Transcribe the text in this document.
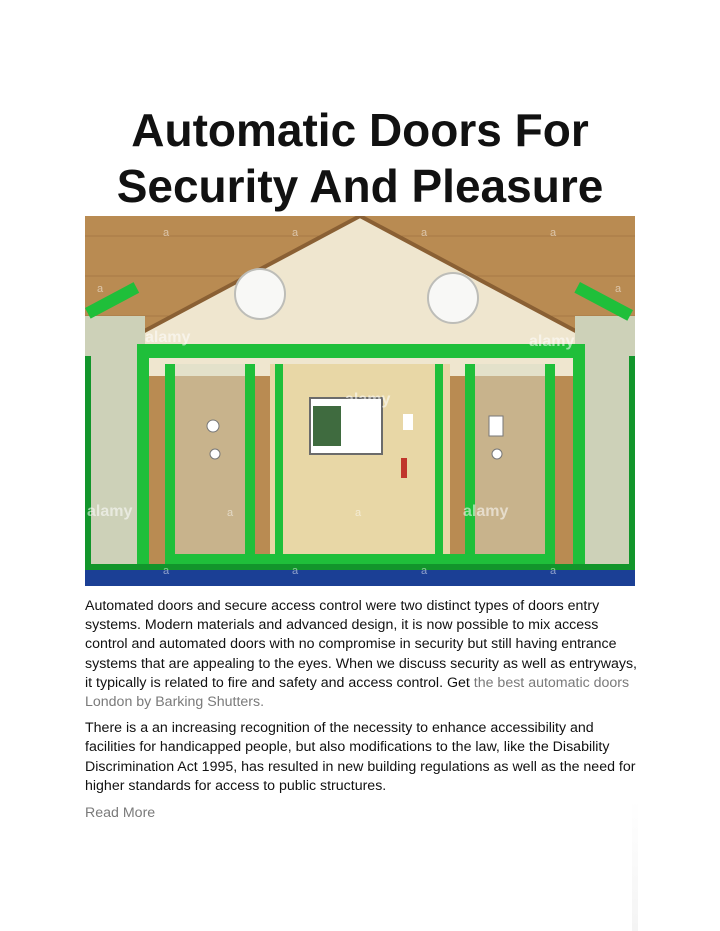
Automatic Doors For Security And Pleasure
alamy
alamy
alamy
alamy	alamy
a	a	a	a
a	a
a	a
a	a	a	a

Automated doors and secure access control were two distinct types of doors entry systems. Modern materials and advanced design, it is now possible to mix access control and automated doors with no compromise in security but still having entrance systems that are appealing to the eyes. When we discuss security as well as entryways, it typically is related to fire and safety and access control. Get the best automatic doors London by Barking Shutters.

There is a an increasing recognition of the necessity to enhance accessibility and facilities for handicapped people, but also modifications to the law, like the Disability Discrimination Act 1995, has resulted in new building regulations as well as the need for higher standards for access to public structures.

Read More
